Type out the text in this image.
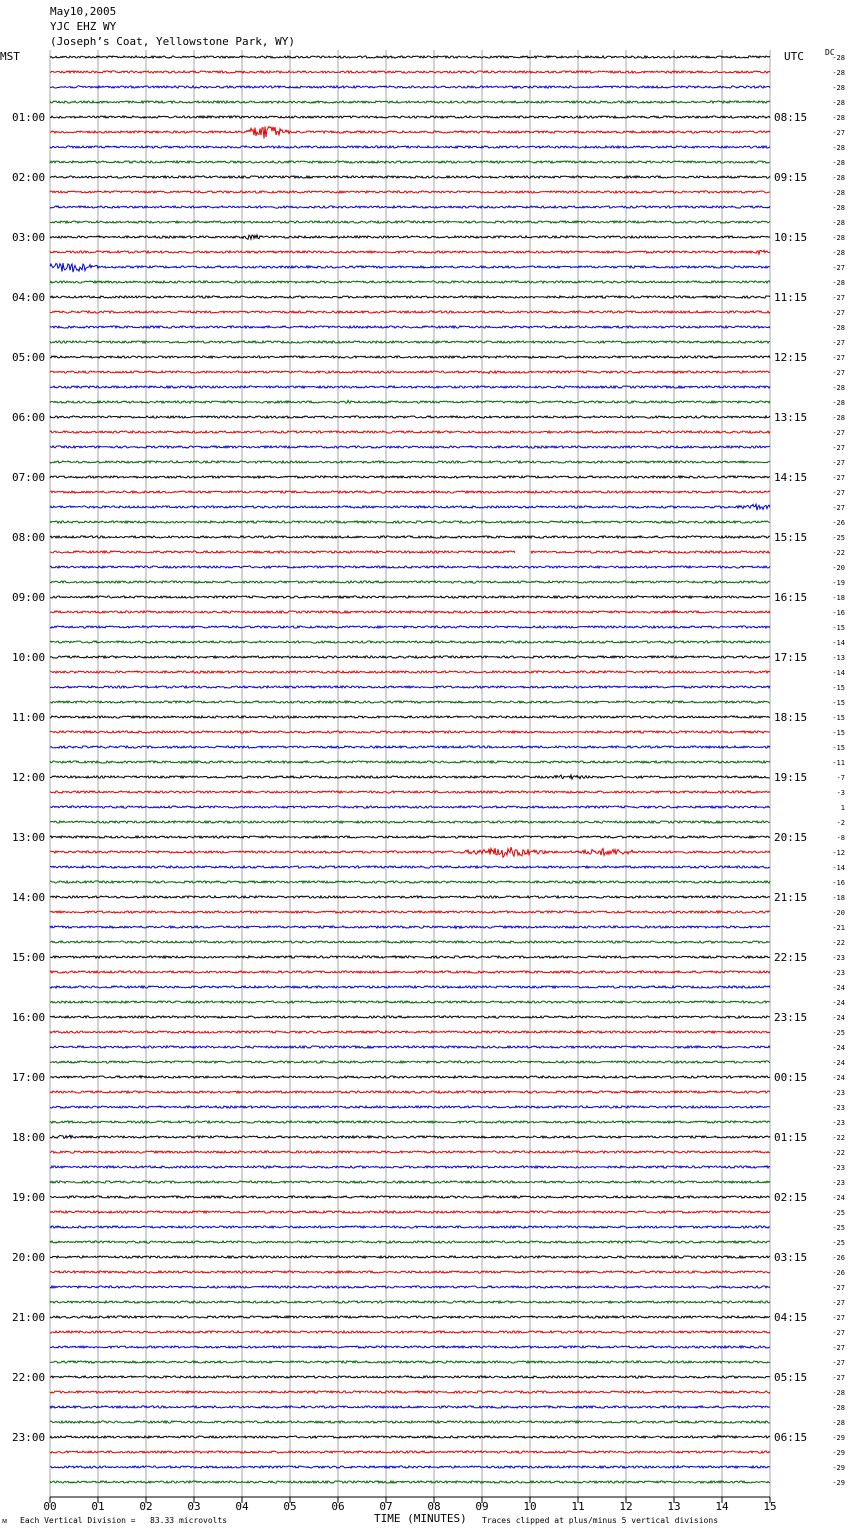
May10,2005
YJC EHZ WY
(Joseph’s Coat, Yellowstone Park, WY)
MST	UTC	DC
00	01	02	03	04	05	06	07	08	09	10	11	12	13	14	15
-28
-28
-28
-28
-28
-27
-28
-28
-28
-28
-28
-28
-28
-28
-27
-28
-27
-27
-28
-27
-27
-27
-28
-28
-28
-27
-27
-27
-27
-27
-27
-26
-25
-22
-20
-19
-18
-16
-15
-14
-13
-14
-15
-15
-15
-15
-15
-11
-7
-3
1
-2
-8
-12
-14
-16
-18
-20
-21
-22
-23
-23
-24
-24
-24
-25
-24
-24
-24
-23
-23
-23
-22
-22
-23
-23
-24
-25
-25
-25
-26
-26
-27
-27
-27
-27
-27
-27
-27
-28
-28
-28
-29
-29
-29
-29
01:00	08:15
02:00	09:15
03:00	10:15
04:00	11:15
05:00	12:15
06:00	13:15
07:00	14:15
08:00	15:15
09:00	16:15
10:00	17:15
11:00	18:15
12:00	19:15
13:00	20:15
14:00	21:15
15:00	22:15
16:00	23:15
17:00	00:15
18:00	01:15
19:00	02:15
20:00	03:15
21:00	04:15
22:00	05:15
23:00	06:15
ᴍ Each Vertical Division =   83.33 microvolts	TIME (MINUTES) Traces clipped at plus/minus 5 vertical divisions
